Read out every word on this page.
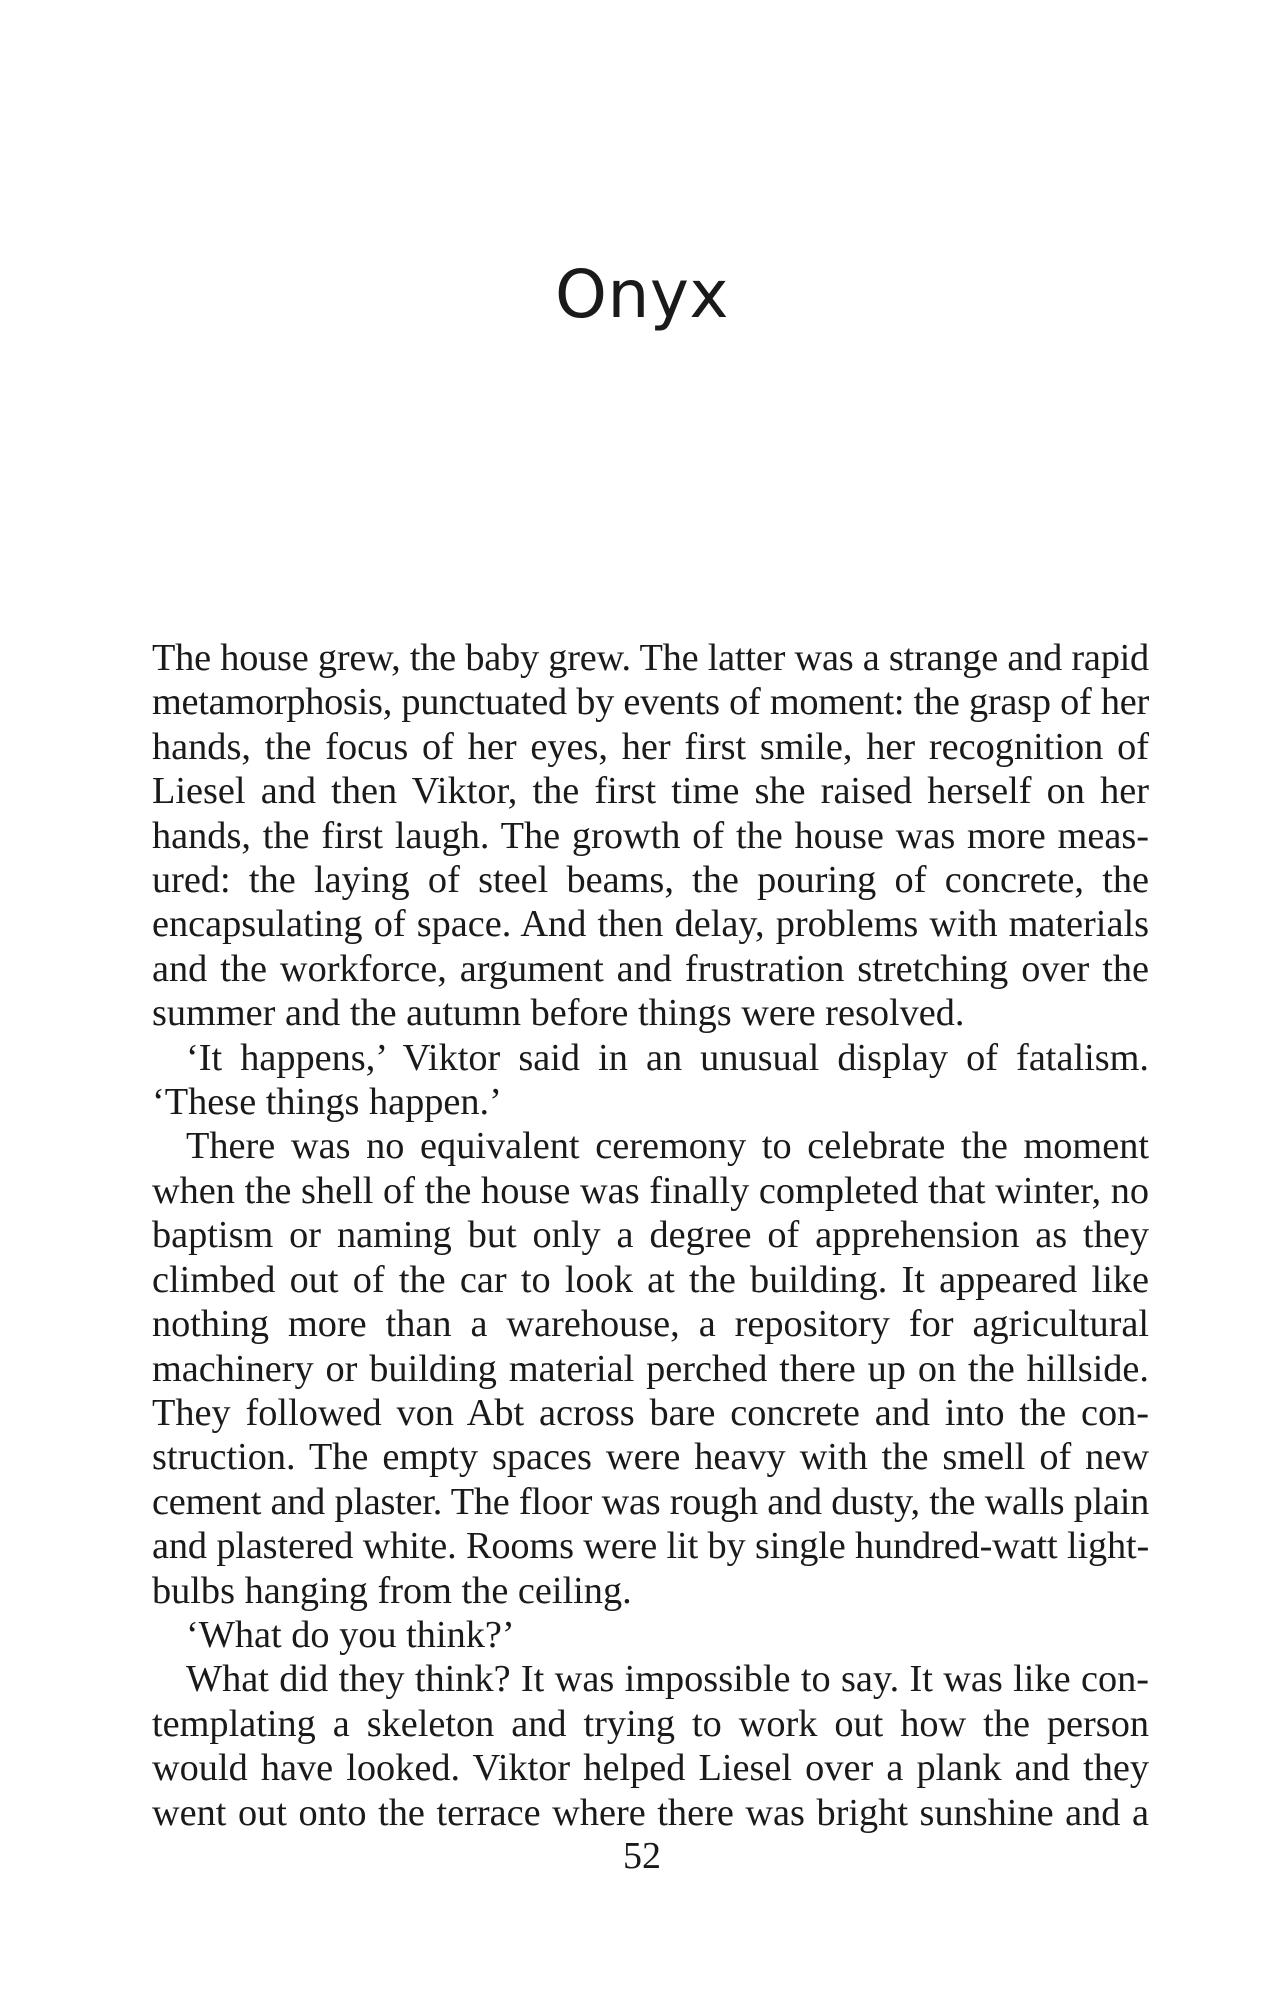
Onyx
The house grew, the baby grew. The latter was a strange and rapid
metamorphosis, punctuated by events of moment: the grasp of her
hands, the focus of her eyes, her first smile, her recognition of
Liesel and then Viktor, the first time she raised herself on her
hands, the first laugh. The growth of the house was more meas-
ured: the laying of steel beams, the pouring of concrete, the
encapsulating of space. And then delay, problems with materials
and the workforce, argument and frustration stretching over the
summer and the autumn before things were resolved.
‘It happens,’ Viktor said in an unusual display of fatalism.
‘These things happen.’
There was no equivalent ceremony to celebrate the moment
when the shell of the house was finally completed that winter, no
baptism or naming but only a degree of apprehension as they
climbed out of the car to look at the building. It appeared like
nothing more than a warehouse, a repository for agricultural
machinery or building material perched there up on the hillside.
They followed von Abt across bare concrete and into the con-
struction. The empty spaces were heavy with the smell of new
cement and plaster. The floor was rough and dusty, the walls plain
and plastered white. Rooms were lit by single hundred-watt light-
bulbs hanging from the ceiling.
‘What do you think?’
What did they think? It was impossible to say. It was like con-
templating a skeleton and trying to work out how the person
would have looked. Viktor helped Liesel over a plank and they
went out onto the terrace where there was bright sunshine and a
52
